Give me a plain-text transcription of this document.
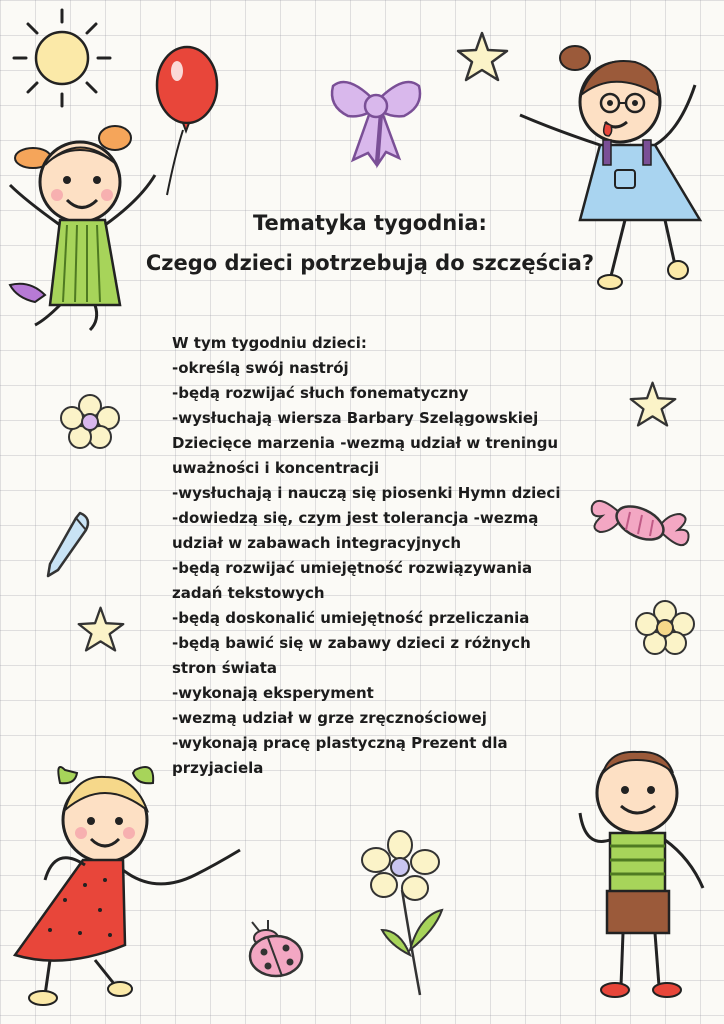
Tematyka tygodnia:
Czego dzieci potrzebują do szczęścia?
W tym tygodniu dzieci:
-określą swój nastrój
-będą rozwijać słuch fonematyczny
-wysłuchają wiersza Barbary Szelągowskiej
Dziecięce marzenia -wezmą udział w treningu
uważności i koncentracji
-wysłuchają i nauczą się piosenki Hymn dzieci
-dowiedzą się, czym jest tolerancja -wezmą
udział w zabawach integracyjnych
-będą rozwijać umiejętność rozwiązywania
zadań tekstowych
-będą doskonalić umiejętność przeliczania
-będą bawić się w zabawy dzieci z różnych
stron świata
-wykonają eksperyment
-wezmą udział w grze zręcznościowej
-wykonają pracę plastyczną Prezent dla
przyjaciela
